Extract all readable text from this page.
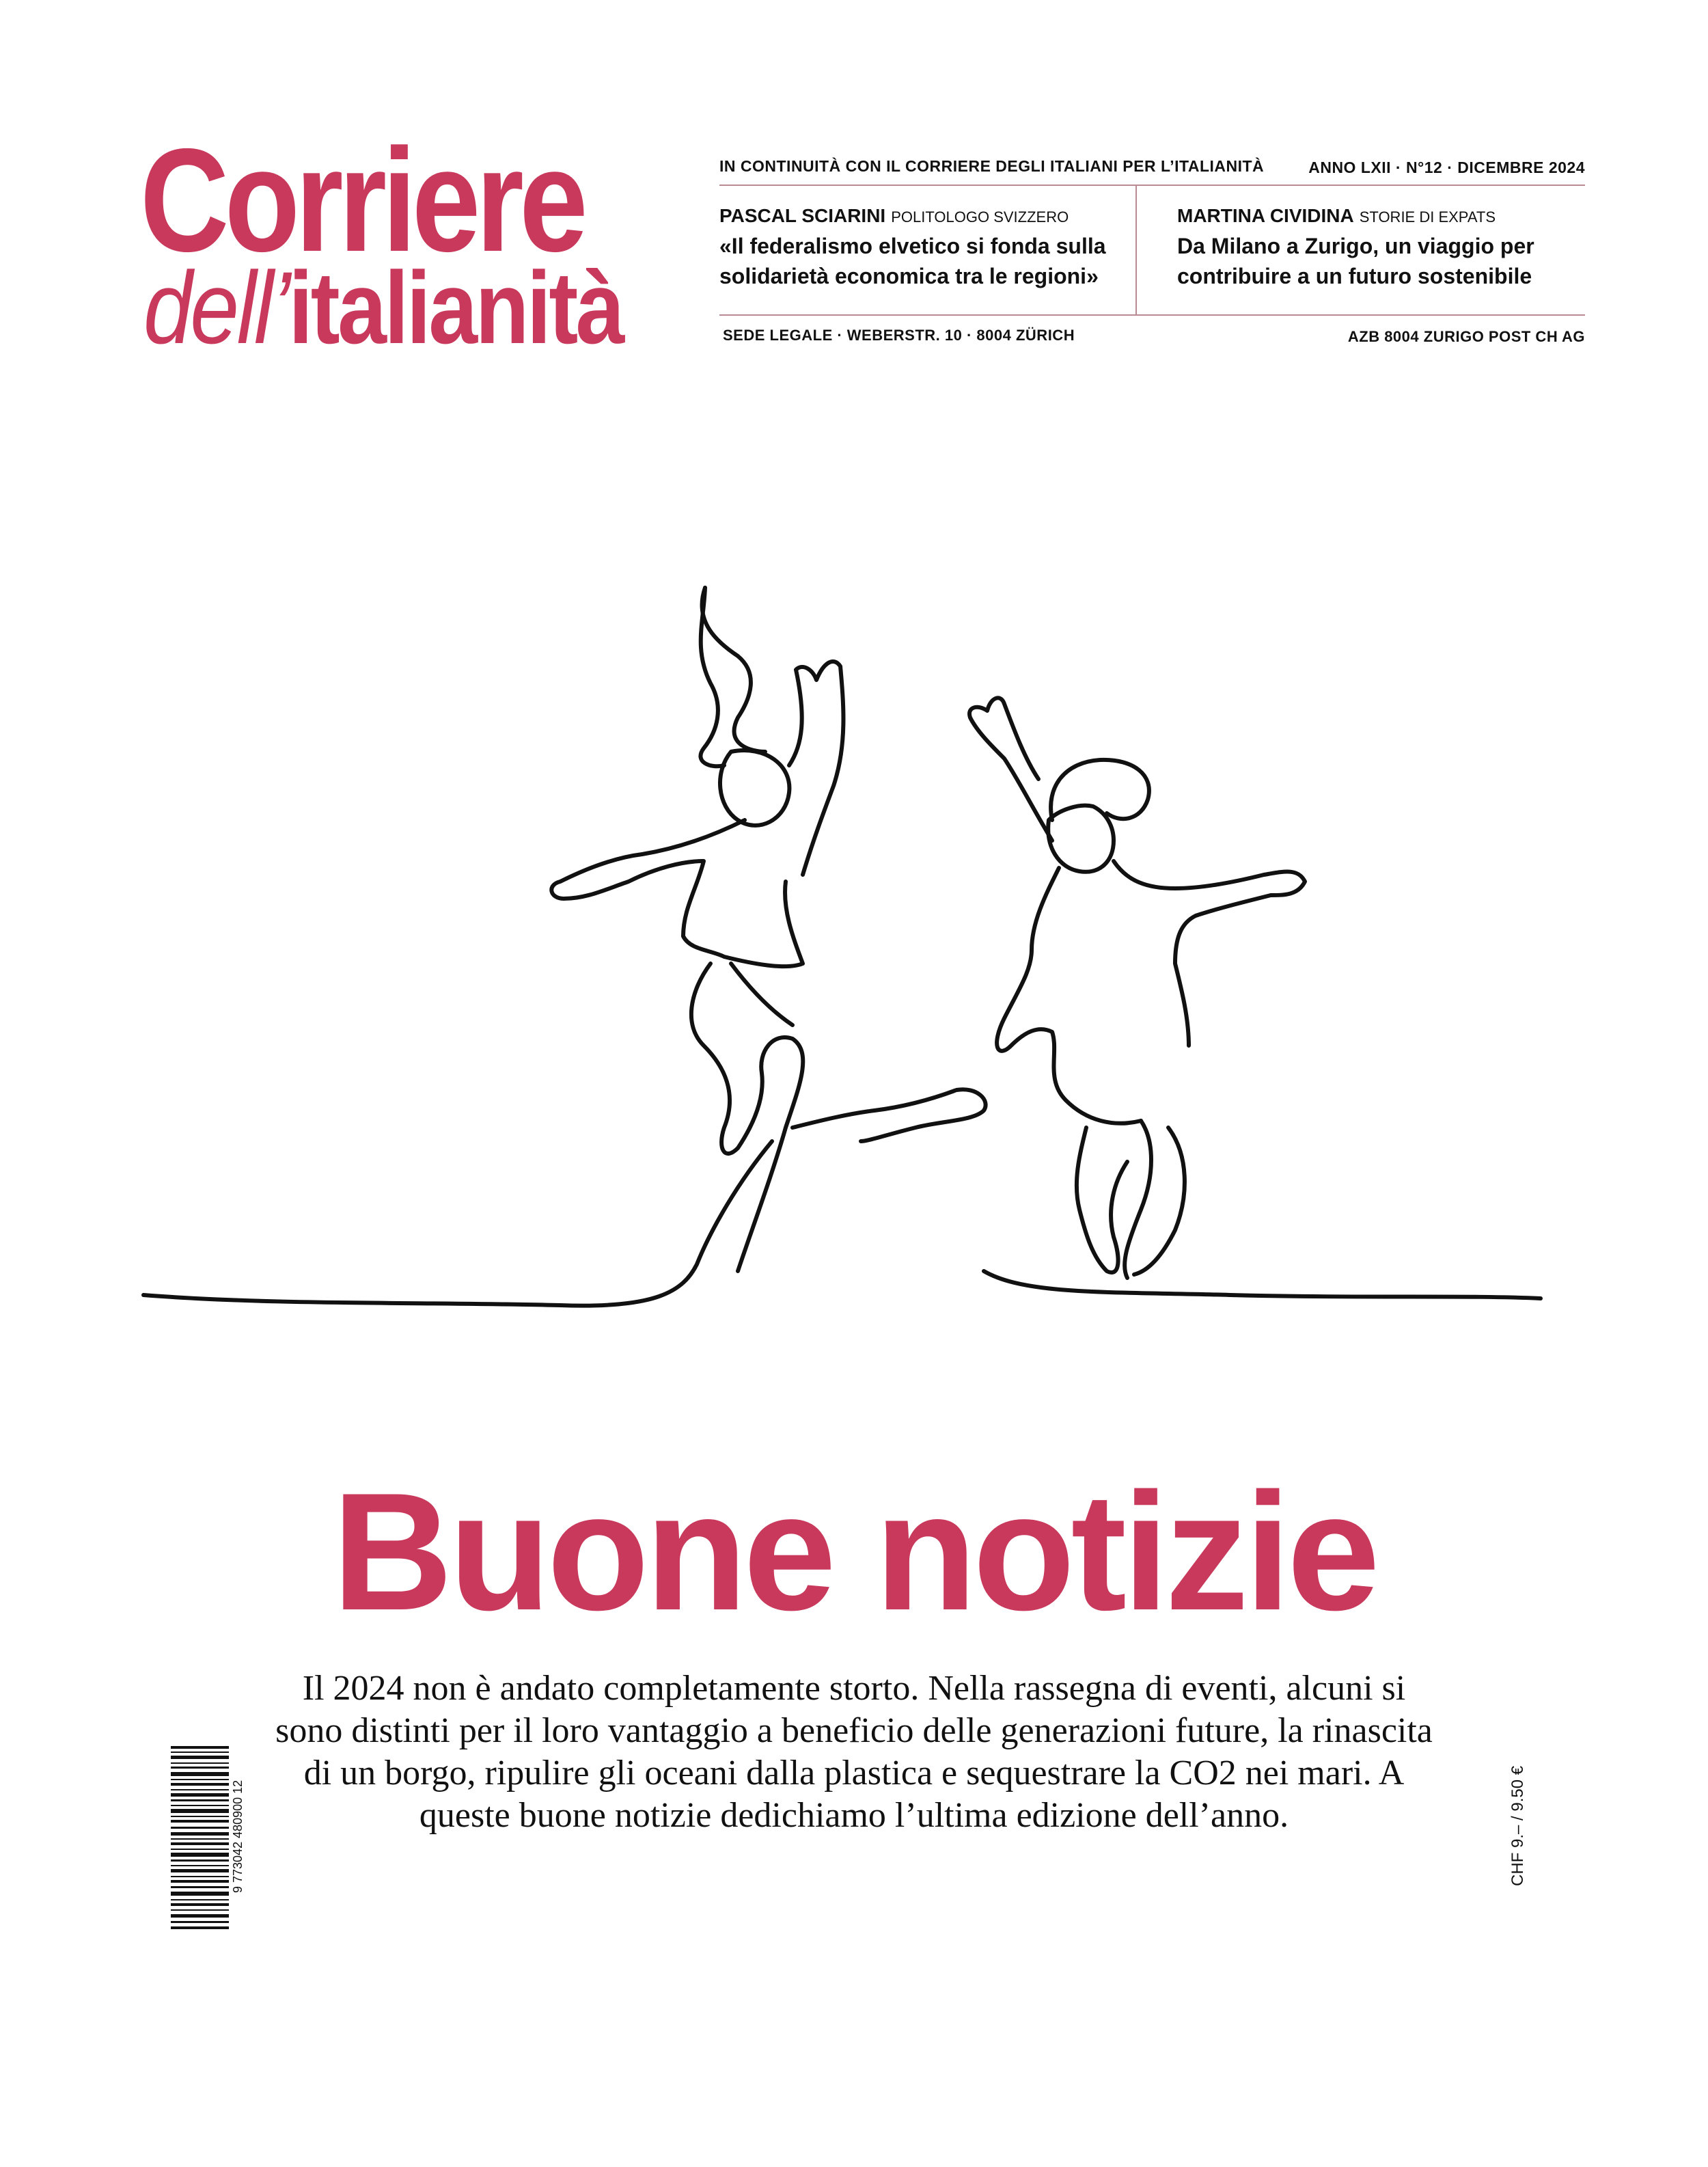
Corriere
dell’italianità
IN CONTINUITÀ CON IL CORRIERE DEGLI ITALIANI PER L’ITALIANITÀ	ANNO LXII · N°12 · DICEMBRE 2024
PASCAL SCIARINI POLITOLOGO SVIZZERO
«Il federalismo elvetico si fonda sulla solidarietà economica tra le regioni»
MARTINA CIVIDINA STORIE DI EXPATS
Da Milano a Zurigo, un viaggio per contribuire a un futuro sostenibile
SEDE LEGALE · WEBERSTR. 10 · 8004 ZÜRICH	AZB 8004 ZURIGO POST CH AG
Buone notizie
Il 2024 non è andato completamente storto. Nella rassegna di eventi, alcuni si sono distinti per il loro vantaggio a beneficio delle generazioni future, la rinascita di un borgo, ripulire gli oceani dalla plastica e sequestrare la CO2 nei mari. A queste buone notizie dedichiamo l’ultima edizione dell’anno.
9 773042 480900 12	CHF 9.– / 9.50 €
